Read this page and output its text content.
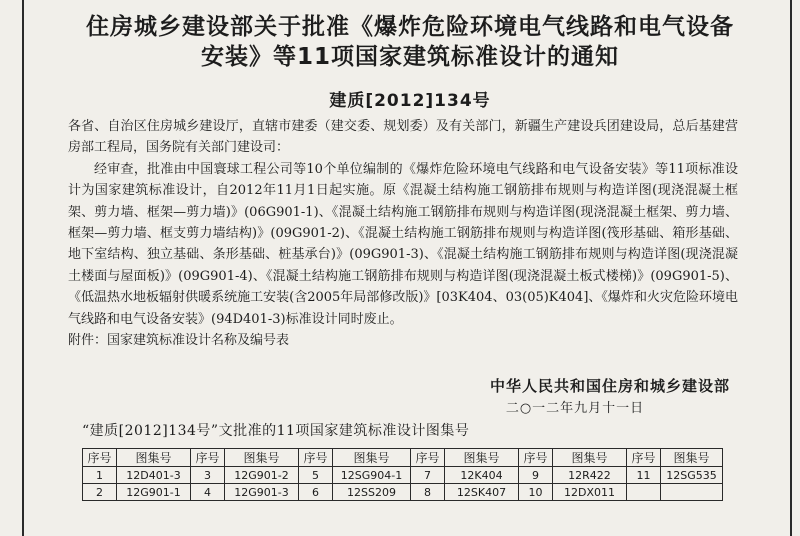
住房城乡建设部关于批准《爆炸危险环境电气线路和电气设备
安装》等11项国家建筑标准设计的通知
建质[2012]134号

各省、自治区住房城乡建设厅，直辖市建委（建交委、规划委）及有关部门，新疆生产建设兵团建设局，总后基建营房部工程局，国务院有关部门建设司：

经审查，批准由中国寰球工程公司等10个单位编制的《爆炸危险环境电气线路和电气设备安装》等11项标准设计为国家建筑标准设计，自2012年11月1日起实施。原《混凝土结构施工钢筋排布规则与构造详图(现浇混凝土框架、剪力墙、框架—剪力墙)》(06G901-1)、《混凝土结构施工钢筋排布规则与构造详图(现浇混凝土框架、剪力墙、框架—剪力墙、框支剪力墙结构)》(09G901-2)、《混凝土结构施工钢筋排布规则与构造详图(筏形基础、箱形基础、地下室结构、独立基础、条形基础、桩基承台)》(09G901-3)、《混凝土结构施工钢筋排布规则与构造详图(现浇混凝土楼面与屋面板)》(09G901-4)、《混凝土结构施工钢筋排布规则与构造详图(现浇混凝土板式楼梯)》(09G901-5)、《低温热水地板辐射供暖系统施工安装(含2005年局部修改版)》[03K404、03(05)K404]、《爆炸和火灾危险环境电气线路和电气设备安装》(94D401-3)标准设计同时废止。

附件：国家建筑标准设计名称及编号表

中华人民共和国住房和城乡建设部
二○一二年九月十一日
“建质[2012]134号”文批准的11项国家建筑标准设计图集号
序号	图集号	序号	图集号	序号	图集号	序号	图集号	序号	图集号	序号	图集号
1	12D401-3	3	12G901-2	5	12SG904-1	7	12K404	9	12R422	11	12SG535
2	12G901-1	4	12G901-3	6	12SS209	8	12SK407	10	12DX011		
